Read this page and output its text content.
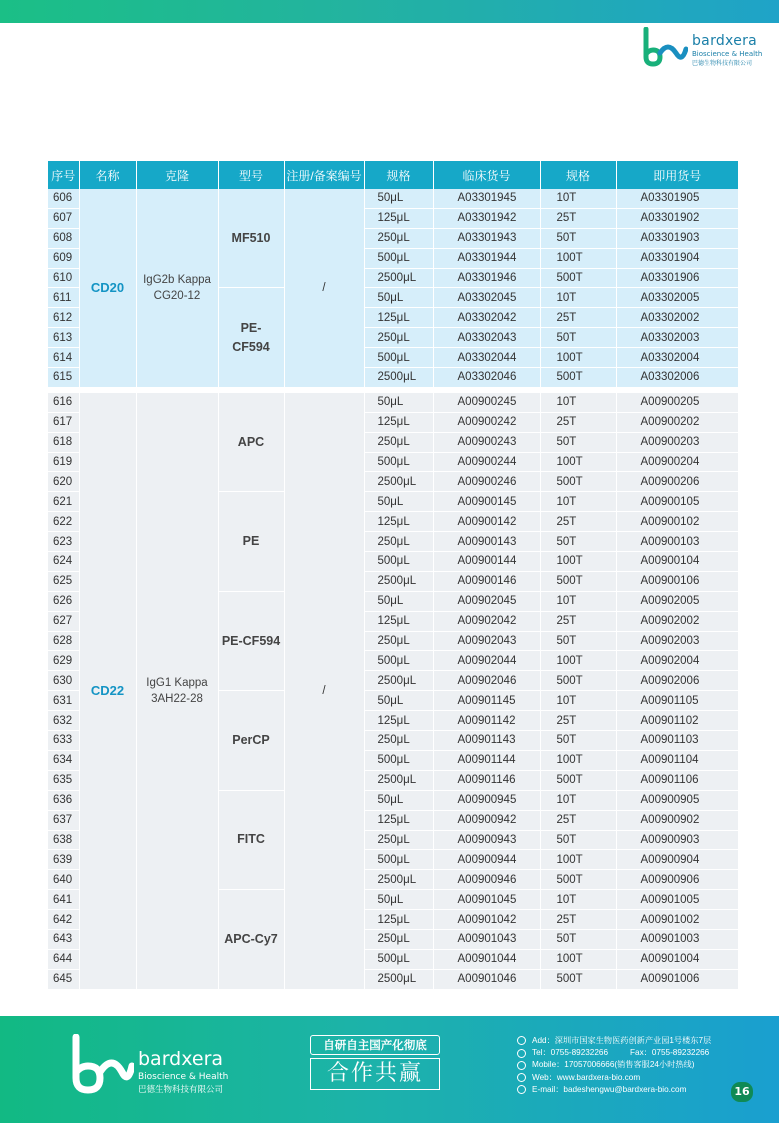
bardxera
Bioscience & Health
巴德生物科技有限公司
序号	名称	克隆	型号	注册/备案编号	规格	临床货号	规格	即用货号
606	CD20	IgG2b Kappa
CG20-12	MF510	/	50μL	A03301945	10T	A03301905
607					125μL	A03301942	25T	A03301902
608					250μL	A03301943	50T	A03301903
609					500μL	A03301944	100T	A03301904
610					2500μL	A03301946	500T	A03301906
611			PE-
CF594		50μL	A03302045	10T	A03302005
612					125μL	A03302042	25T	A03302002
613					250μL	A03302043	50T	A03302003
614					500μL	A03302044	100T	A03302004
615					2500μL	A03302046	500T	A03302006

616	CD22	IgG1 Kappa
3AH22-28	APC	/	50μL	A00900245	10T	A00900205
617					125μL	A00900242	25T	A00900202
618					250μL	A00900243	50T	A00900203
619					500μL	A00900244	100T	A00900204
620					2500μL	A00900246	500T	A00900206
621			PE		50μL	A00900145	10T	A00900105
622					125μL	A00900142	25T	A00900102
623					250μL	A00900143	50T	A00900103
624					500μL	A00900144	100T	A00900104
625					2500μL	A00900146	500T	A00900106
626			PE-CF594		50μL	A00902045	10T	A00902005
627					125μL	A00902042	25T	A00902002
628					250μL	A00902043	50T	A00902003
629					500μL	A00902044	100T	A00902004
630					2500μL	A00902046	500T	A00902006
631			PerCP		50μL	A00901145	10T	A00901105
632					125μL	A00901142	25T	A00901102
633					250μL	A00901143	50T	A00901103
634					500μL	A00901144	100T	A00901104
635					2500μL	A00901146	500T	A00901106
636			FITC		50μL	A00900945	10T	A00900905
637					125μL	A00900942	25T	A00900902
638					250μL	A00900943	50T	A00900903
639					500μL	A00900944	100T	A00900904
640					2500μL	A00900946	500T	A00900906
641			APC-Cy7		50μL	A00901045	10T	A00901005
642					125μL	A00901042	25T	A00901002
643					250μL	A00901043	50T	A00901003
644					500μL	A00901044	100T	A00901004
645					2500μL	A00901046	500T	A00901006
bardxera
Bioscience & Health
巴德生物科技有限公司
自研自主国产化彻底
合作共赢
Add：深圳市国家生物医药创新产业园1号楼东7层
Tel：0755-89232266	Fax：0755-89232266
Mobile：17057006666(销售客服24小时热线)
Web：www.bardxera-bio.com
E-mail：badeshengwu@bardxera-bio.com	16
